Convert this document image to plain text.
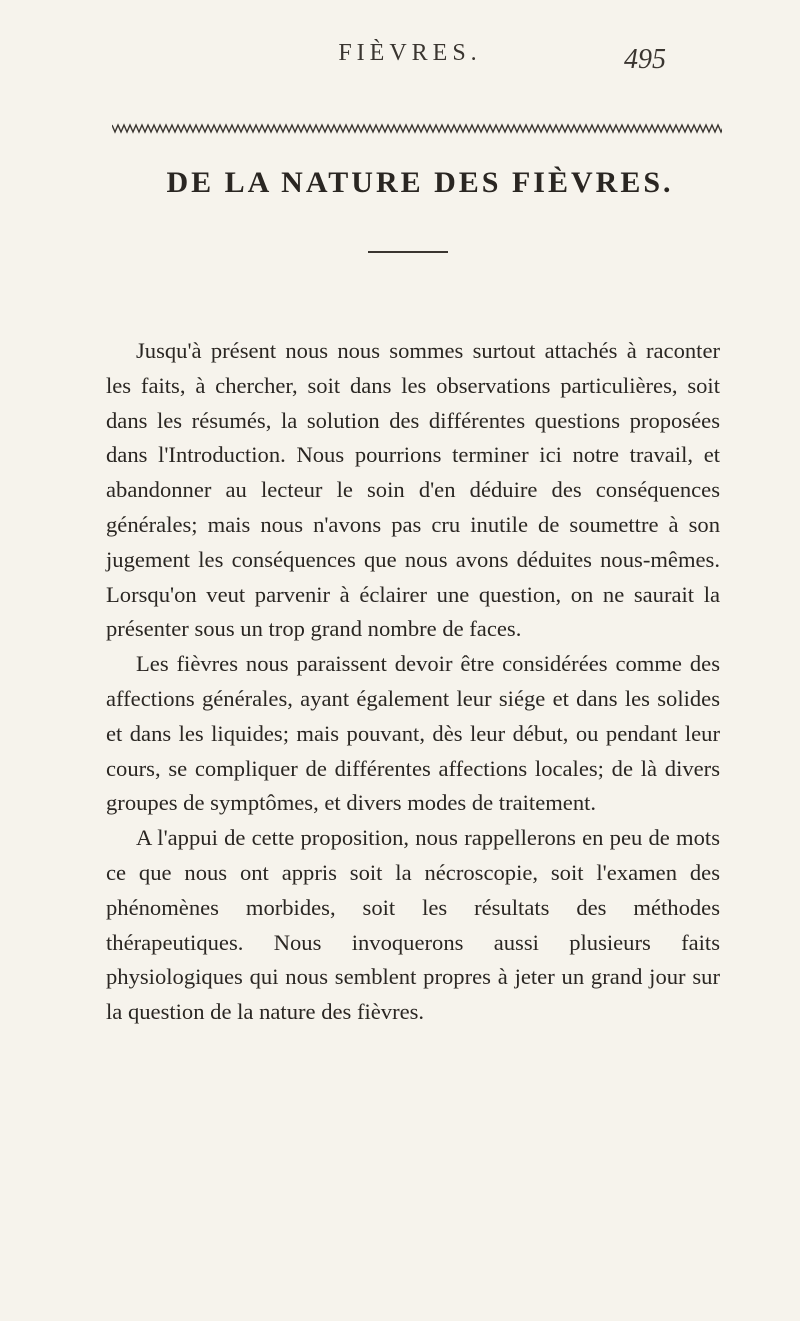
FIÈVRES.	495
DE LA NATURE DES FIÈVRES.

Jusqu'à présent nous nous sommes surtout attachés à raconter les faits, à chercher, soit dans les observations particulières, soit dans les résumés, la solution des différentes questions proposées dans l'Introduction. Nous pourrions terminer ici notre travail, et abandonner au lecteur le soin d'en déduire des conséquences générales; mais nous n'avons pas cru inutile de soumettre à son jugement les conséquences que nous avons déduites nous-mêmes. Lorsqu'on veut parvenir à éclairer une question, on ne saurait la présenter sous un trop grand nombre de faces.

Les fièvres nous paraissent devoir être considérées comme des affections générales, ayant également leur siége et dans les solides et dans les liquides; mais pouvant, dès leur début, ou pendant leur cours, se compliquer de différentes affections locales; de là divers groupes de symptômes, et divers modes de traitement.

A l'appui de cette proposition, nous rappellerons en peu de mots ce que nous ont appris soit la nécroscopie, soit l'examen des phénomènes morbides, soit les résultats des méthodes thérapeutiques. Nous invoquerons aussi plusieurs faits physiologiques qui nous semblent propres à jeter un grand jour sur la question de la nature des fièvres.
